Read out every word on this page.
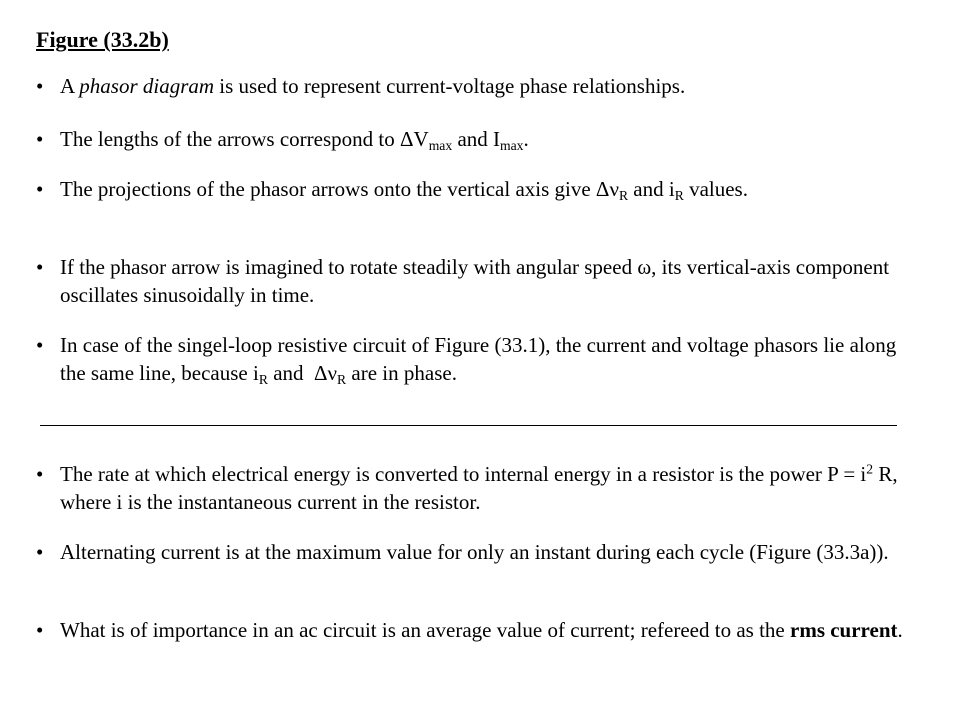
Figure (33.2b)
• A phasor diagram is used to represent current-voltage phase relationships.
• The lengths of the arrows correspond to $\Delta V_{max}$ and $I_{max}$.
• The projections of the phasor arrows onto the vertical axis give $\Delta\nu_R$ and $i_R$ values.
• If the phasor arrow is imagined to rotate steadily with angular speed ω, its vertical-axis component oscillates sinusoidally in time.
• In case of the singel-loop resistive circuit of Figure (33.1), the current and voltage phasors lie along the same line, because $i_R$ and  $\Delta\nu_R$ are in phase.
• The rate at which electrical energy is converted to internal energy in a resistor is the power $P = i^2$ R, where i is the instantaneous current in the resistor.
• Alternating current is at the maximum value for only an instant during each cycle (Figure (33.3a)).
• What is of importance in an ac circuit is an average value of current; refereed to as the rms current.
